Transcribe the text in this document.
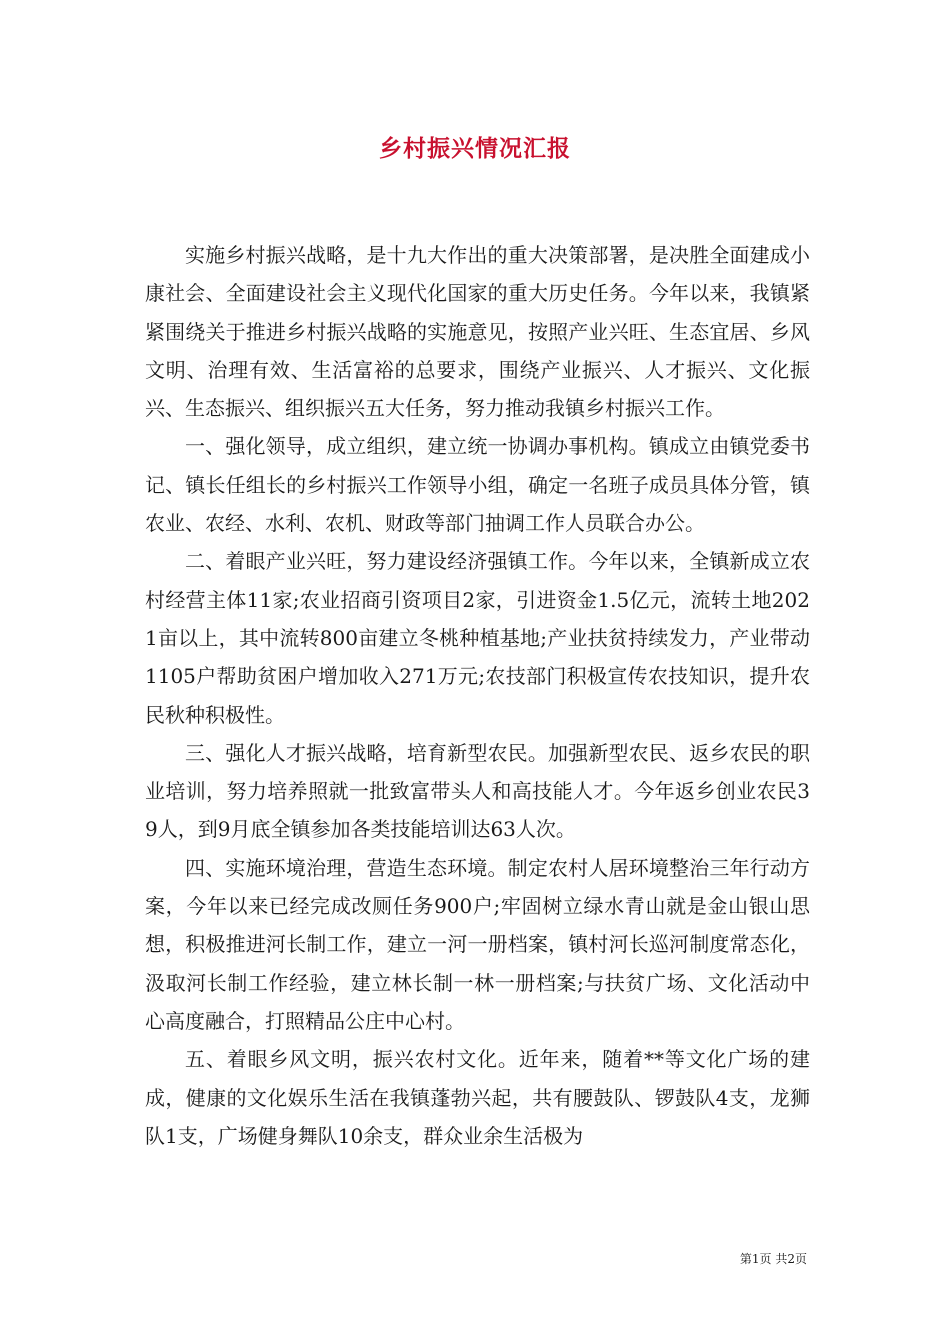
乡村振兴情况汇报

实施乡村振兴战略，是十九大作出的重大决策部署，是决胜全面建成小康社会、全面建设社会主义现代化国家的重大历史任务。今年以来，我镇紧紧围绕关于推进乡村振兴战略的实施意见，按照产业兴旺、生态宜居、乡风文明、治理有效、生活富裕的总要求，围绕产业振兴、人才振兴、文化振兴、生态振兴、组织振兴五大任务，努力推动我镇乡村振兴工作。

一、强化领导，成立组织，建立统一协调办事机构。镇成立由镇党委书记、镇长任组长的乡村振兴工作领导小组，确定一名班子成员具体分管，镇农业、农经、水利、农机、财政等部门抽调工作人员联合办公。

二、着眼产业兴旺，努力建设经济强镇工作。今年以来，全镇新成立农村经营主体11家;农业招商引资项目2家，引进资金1.5亿元，流转土地2021亩以上，其中流转800亩建立冬桃种植基地;产业扶贫持续发力，产业带动1105户帮助贫困户增加收入271万元;农技部门积极宣传农技知识，提升农民秋种积极性。

三、强化人才振兴战略，培育新型农民。加强新型农民、返乡农民的职业培训，努力培养照就一批致富带头人和高技能人才。今年返乡创业农民39人，到9月底全镇参加各类技能培训达63人次。

四、实施环境治理，营造生态环境。制定农村人居环境整治三年行动方案，今年以来已经完成改厕任务900户;牢固树立绿水青山就是金山银山思想，积极推进河长制工作，建立一河一册档案，镇村河长巡河制度常态化，汲取河长制工作经验，建立林长制一林一册档案;与扶贫广场、文化活动中心高度融合，打照精品公庄中心村。

五、着眼乡风文明，振兴农村文化。近年来，随着**等文化广场的建成，健康的文化娱乐生活在我镇蓬勃兴起，共有腰鼓队、锣鼓队4支，龙狮队1支，广场健身舞队10余支，群众业余生活极为

第1页 共2页
